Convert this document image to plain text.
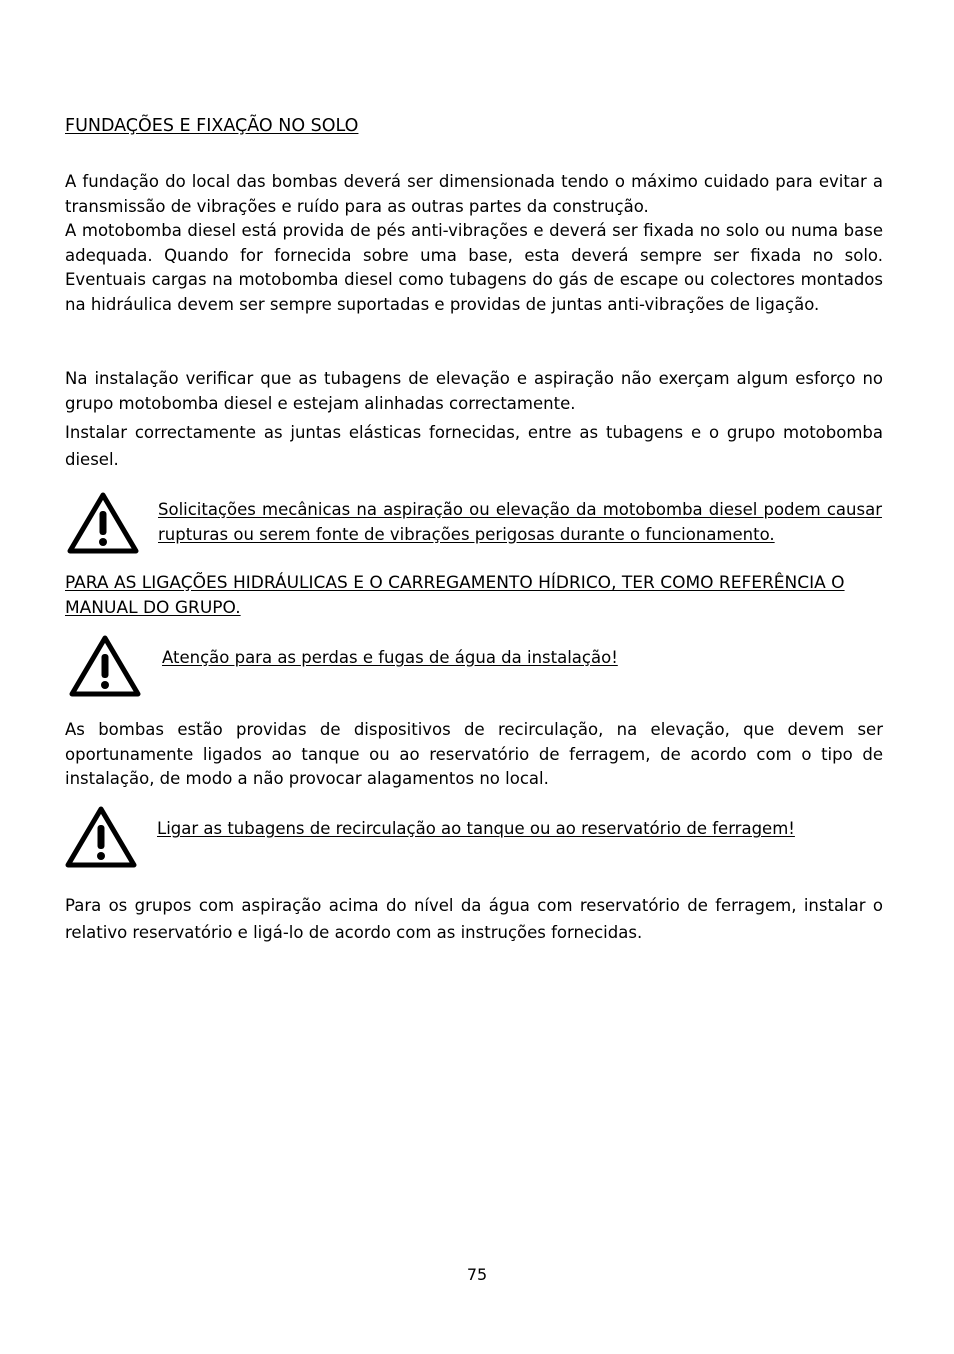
FUNDAÇÕES E FIXAÇÃO NO SOLO

A fundação do local das bombas deverá ser dimensionada tendo o máximo cuidado para evitar a transmissão de vibrações e ruído para as outras partes da construção.

A motobomba diesel está provida de pés anti-vibrações e deverá ser fixada no solo ou numa base adequada. Quando for fornecida sobre uma base, esta deverá sempre ser fixada no solo. Eventuais cargas na motobomba diesel como tubagens do gás de escape ou colectores montados na hidráulica devem ser sempre suportadas e providas de juntas anti-vibrações de ligação.

Na instalação verificar que as tubagens de elevação e aspiração não exerçam algum esforço no grupo motobomba diesel e estejam alinhadas correctamente.

Instalar correctamente as juntas elásticas fornecidas, entre as tubagens e o grupo motobomba diesel.

Solicitações mecânicas na aspiração ou elevação da motobomba diesel podem causar rupturas ou serem fonte de vibrações perigosas durante o funcionamento.

PARA AS LIGAÇÕES HIDRÁULICAS E O CARREGAMENTO HÍDRICO, TER COMO REFERÊNCIA O MANUAL DO GRUPO.

Atenção para as perdas e fugas de água da instalação!

As bombas estão providas de dispositivos de recirculação, na elevação, que devem ser oportunamente ligados ao tanque ou ao reservatório de ferragem, de acordo com o tipo de instalação, de modo a não provocar alagamentos no local.

Ligar as tubagens de recirculação ao tanque ou ao reservatório de ferragem!

Para os grupos com aspiração acima do nível da água com reservatório de ferragem, instalar o relativo reservatório e ligá-lo de acordo com as instruções fornecidas.

75
